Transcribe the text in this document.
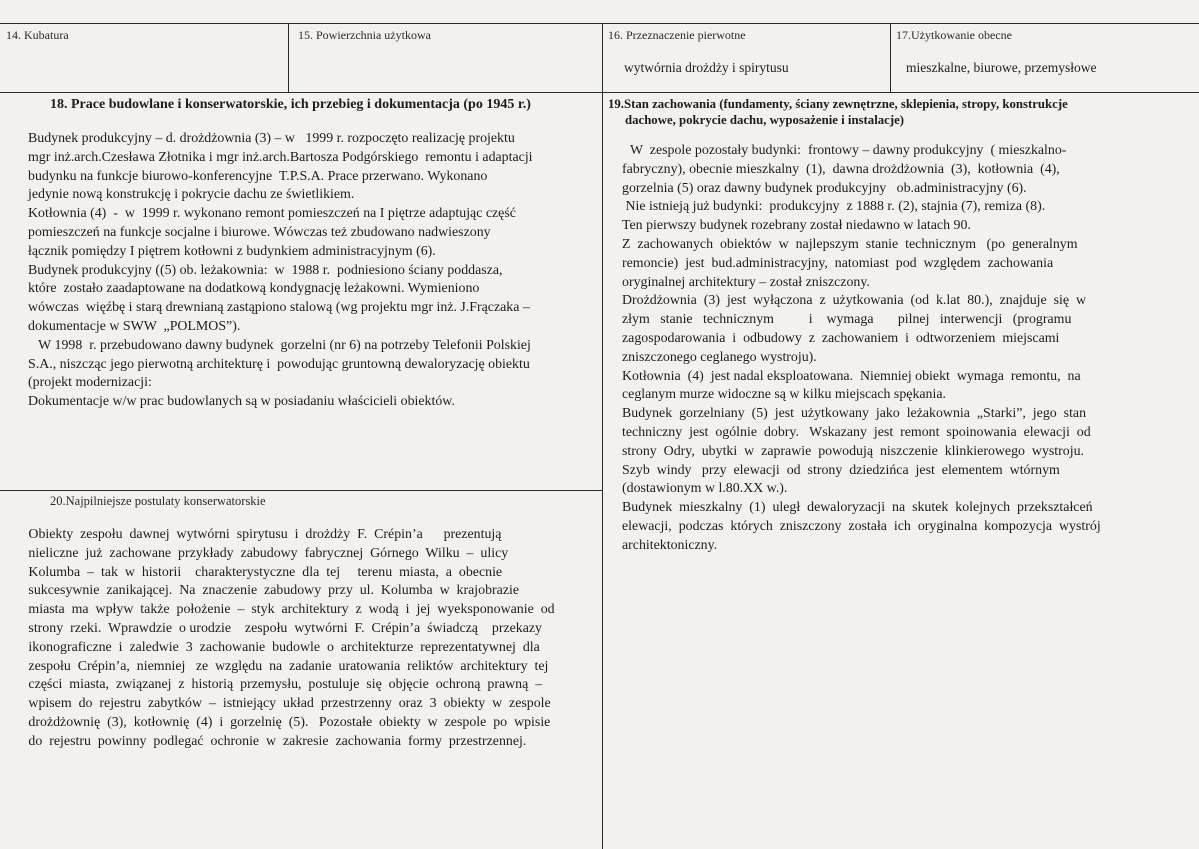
14. Kubatura	15. Powierzchnia użytkowa	16. Przeznaczenie pierwotne
wytwórnia drożdży i spirytusu
17.Użytkowanie obecne
mieszkalne, biurowe, przemysłowe
18. Prace budowlane i konserwatorskie, ich przebieg i dokumentacja (po 1945 r.)
Budynek produkcyjny – d. drożdżownia (3) – w   1999 r. rozpoczęto realizację projektu
mgr inż.arch.Czesława Złotnika i mgr inż.arch.Bartosza Podgórskiego  remontu i adaptacji
budynku na funkcje biurowo-konferencyjne  T.P.S.A. Prace przerwano. Wykonano
jedynie nową konstrukcję i pokrycie dachu ze świetlikiem.
Kotłownia (4)  -  w  1999 r. wykonano remont pomieszczeń na I piętrze adaptując część
pomieszczeń na funkcje socjalne i biurowe. Wówczas też zbudowano nadwieszony
łącznik pomiędzy I piętrem kotłowni z budynkiem administracyjnym (6).
Budynek produkcyjny ((5) ob. leżakownia:  w  1988 r.  podniesiono ściany poddasza,
które  zostało zaadaptowane na dodatkową kondygnację leżakowni. Wymieniono
wówczas  więźbę i starą drewnianą zastąpiono stalową (wg projektu mgr inż. J.Frączaka –
dokumentacje w SWW  „POLMOS”).
W 1998  r. przebudowano dawny budynek  gorzelni (nr 6) na potrzeby Telefonii Polskiej
S.A., niszcząc jego pierwotną architekturę i  powodując gruntowną dewaloryzację obiektu
(projekt modernizacji:
Dokumentacje w/w prac budowlanych są w posiadaniu właścicieli obiektów.
19.Stan zachowania (fundamenty, ściany zewnętrzne, sklepienia, stropy, konstrukcje
dachowe, pokrycie dachu, wyposażenie i instalacje)
W  zespole pozostały budynki:  frontowy – dawny produkcyjny  ( mieszkalno-
fabryczny), obecnie mieszkalny  (1),  dawna drożdżownia  (3),  kotłownia  (4),
gorzelnia (5) oraz dawny budynek produkcyjny   ob.administracyjny (6).
Nie istnieją już budynki:  produkcyjny  z 1888 r. (2), stajnia (7), remiza (8).
Ten pierwszy budynek rozebrany został niedawno w latach 90.
Z  zachowanych  obiektów  w  najlepszym  stanie  technicznym   (po  generalnym
remoncie)  jest  bud.administracyjny,  natomiast  pod  względem  zachowania
oryginalnej architektury – został zniszczony.
Drożdżownia  (3)  jest  wyłączona  z  użytkowania  (od  k.lat  80.),  znajduje  się  w
złym   stanie   technicznym          i    wymaga       pilnej   interwencji   (programu
zagospodarowania  i  odbudowy  z  zachowaniem  i  odtworzeniem  miejscami
zniszczonego ceglanego wystroju).
Kotłownia  (4)  jest nadal eksploatowana.  Niemniej obiekt  wymaga  remontu,  na
ceglanym murze widoczne są w kilku miejscach spękania.
Budynek  gorzelniany  (5)  jest  użytkowany  jako  leżakownia  „Starki”,  jego  stan
techniczny  jest  ogólnie  dobry.   Wskazany  jest  remont  spoinowania  elewacji  od
strony  Odry,  ubytki  w  zaprawie  powodują  niszczenie  klinkierowego  wystroju.
Szyb  windy   przy  elewacji  od  strony  dziedzińca  jest  elementem  wtórnym
(dostawionym w l.80.XX w.).
Budynek  mieszkalny  (1)  uległ  dewaloryzacji  na  skutek  kolejnych  przekształceń
elewacji,  podczas  których  zniszczony  została  ich  oryginalna  kompozycja  wystrój
architektoniczny.
20.Najpilniejsze postulaty konserwatorskie
Obiekty  zespołu  dawnej  wytwórni  spirytusu  i  drożdży  F.  Crépin’a      prezentują
nieliczne  już  zachowane  przykłady  zabudowy  fabrycznej  Górnego  Wilku  –  ulicy
Kolumba  –  tak  w  historii    charakterystyczne  dla  tej     terenu  miasta,  a  obecnie
sukcesywnie  zanikającej.  Na  znaczenie  zabudowy  przy  ul.  Kolumba  w  krajobrazie
miasta  ma  wpływ  także  położenie  –  styk  architektury  z  wodą  i  jej  wyeksponowanie  od
strony  rzeki.  Wprawdzie  o urodzie    zespołu  wytwórni  F.  Crépin’a  świadczą    przekazy
ikonograficzne  i  zaledwie  3  zachowanie  budowle  o  architekturze  reprezentatywnej  dla
zespołu  Crépin’a,  niemniej   ze  względu  na  zadanie  uratowania  reliktów  architektury  tej
części  miasta,  związanej  z  historią  przemysłu,  postuluje  się  objęcie  ochroną  prawną  –
wpisem  do  rejestru  zabytków  –  istniejący  układ  przestrzenny  oraz  3  obiekty  w  zespole
drożdżownię  (3),  kotłownię  (4)  i  gorzelnię  (5).   Pozostałe  obiekty  w  zespole  po  wpisie
do  rejestru  powinny  podlegać  ochronie  w  zakresie  zachowania  formy  przestrzennej.
